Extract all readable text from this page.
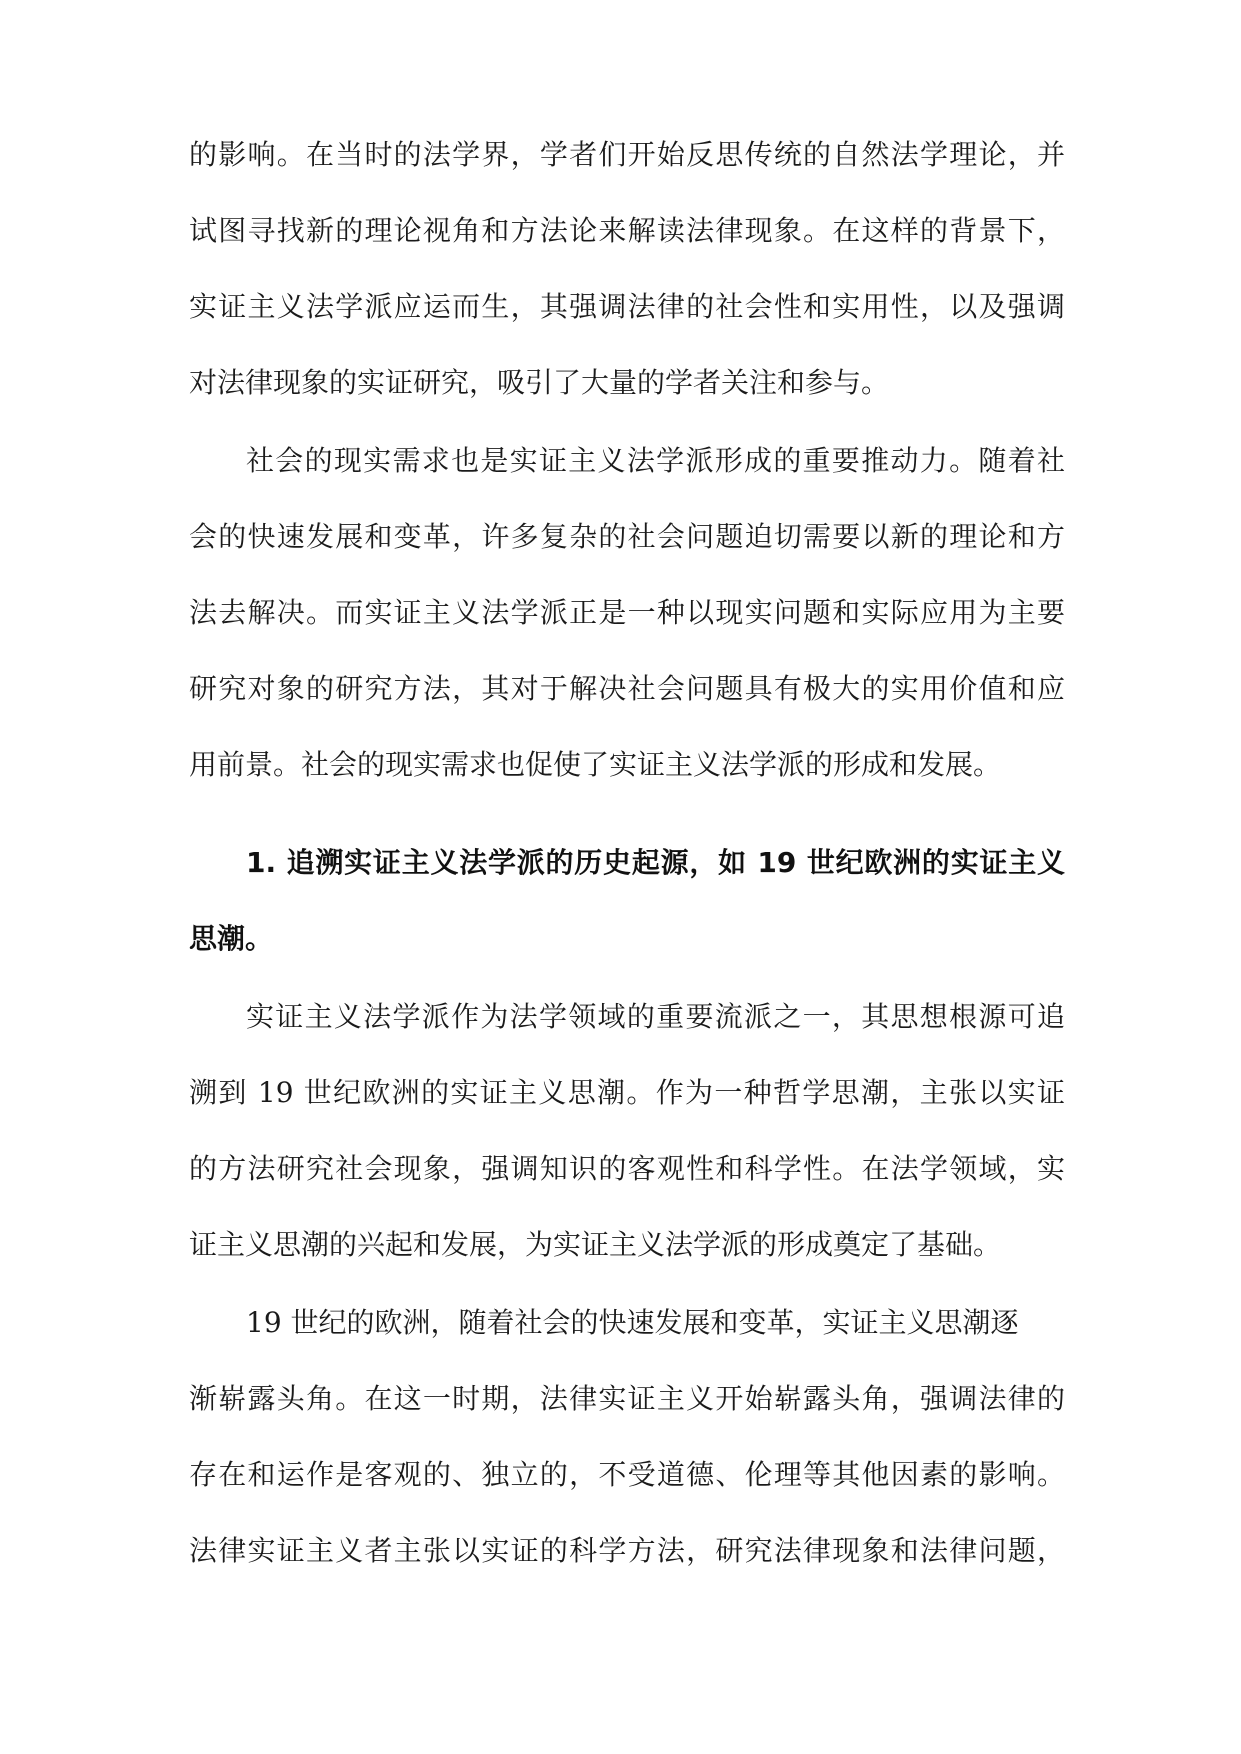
的影响。在当时的法学界，学者们开始反思传统的自然法学理论，并

试图寻找新的理论视角和方法论来解读法律现象。在这样的背景下，

实证主义法学派应运而生，其强调法律的社会性和实用性，以及强调

对法律现象的实证研究，吸引了大量的学者关注和参与。

社会的现实需求也是实证主义法学派形成的重要推动力。随着社

会的快速发展和变革，许多复杂的社会问题迫切需要以新的理论和方

法去解决。而实证主义法学派正是一种以现实问题和实际应用为主要

研究对象的研究方法，其对于解决社会问题具有极大的实用价值和应

用前景。社会的现实需求也促使了实证主义法学派的形成和发展。

1. 追溯实证主义法学派的历史起源，如 19 世纪欧洲的实证主义

思潮。

实证主义法学派作为法学领域的重要流派之一，其思想根源可追

溯到 19 世纪欧洲的实证主义思潮。作为一种哲学思潮，主张以实证

的方法研究社会现象，强调知识的客观性和科学性。在法学领域，实

证主义思潮的兴起和发展，为实证主义法学派的形成奠定了基础。

19 世纪的欧洲，随着社会的快速发展和变革，实证主义思潮逐

渐崭露头角。在这一时期，法律实证主义开始崭露头角，强调法律的

存在和运作是客观的、独立的，不受道德、伦理等其他因素的影响。

法律实证主义者主张以实证的科学方法，研究法律现象和法律问题，
